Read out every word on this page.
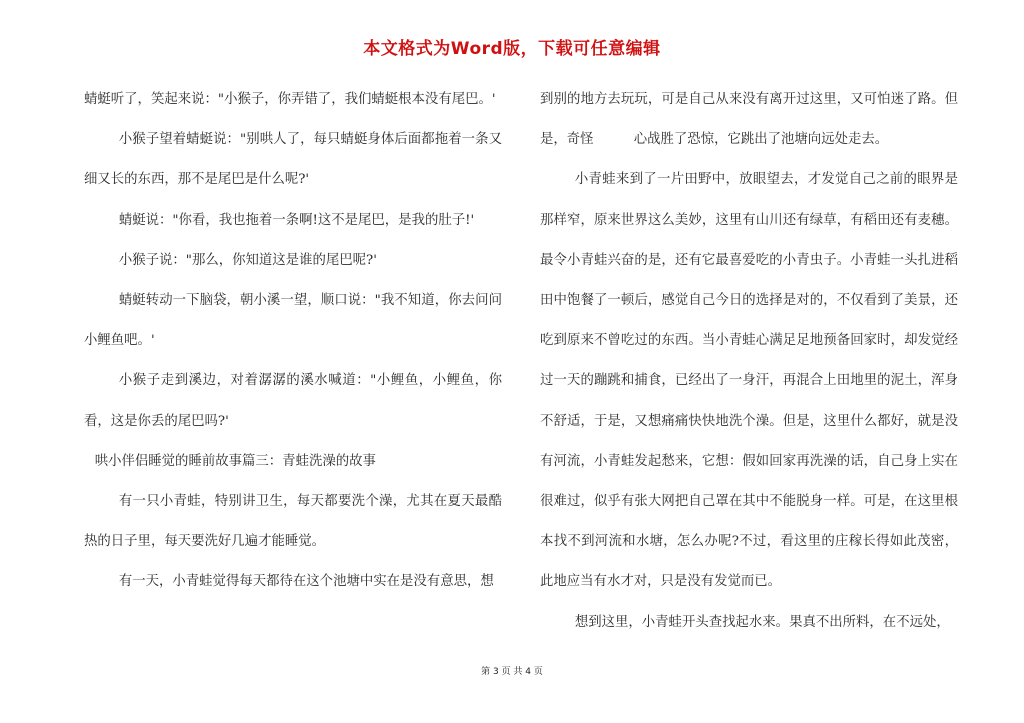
本文格式为Word版，下载可任意编辑

蜻蜓听了，笑起来说："小猴子，你弄错了，我们蜻蜓根本没有尾巴。'

小猴子望着蜻蜓说："别哄人了，每只蜻蜓身体后面都拖着一条又细又长的东西，那不是尾巴是什么呢?'

蜻蜓说："你看，我也拖着一条啊!这不是尾巴，是我的肚子!'

小猴子说："那么，你知道这是谁的尾巴呢?'

蜻蜓转动一下脑袋，朝小溪一望，顺口说："我不知道，你去问问小鲤鱼吧。'

小猴子走到溪边，对着潺潺的溪水喊道："小鲤鱼，小鲤鱼，你看，这是你丢的尾巴吗?'

哄小伴侣睡觉的睡前故事篇三：青蛙洗澡的故事

有一只小青蛙，特别讲卫生，每天都要洗个澡，尤其在夏天最酷热的日子里，每天要洗好几遍才能睡觉。

有一天，小青蛙觉得每天都待在这个池塘中实在是没有意思，想

到别的地方去玩玩，可是自己从来没有离开过这里，又可怕迷了路。但是，奇怪　　　心战胜了恐惊，它跳出了池塘向远处走去。

小青蛙来到了一片田野中，放眼望去，才发觉自己之前的眼界是那样窄，原来世界这么美妙，这里有山川还有绿草，有稻田还有麦穗。最令小青蛙兴奋的是，还有它最喜爱吃的小青虫子。小青蛙一头扎进稻田中饱餐了一顿后，感觉自己今日的选择是对的，不仅看到了美景，还吃到原来不曾吃过的东西。当小青蛙心满足足地预备回家时，却发觉经过一天的蹦跳和捕食，已经出了一身汗，再混合上田地里的泥土，浑身不舒适，于是，又想痛痛快快地洗个澡。但是，这里什么都好，就是没有河流，小青蛙发起愁来，它想：假如回家再洗澡的话，自己身上实在很难过，似乎有张大网把自己罩在其中不能脱身一样。可是，在这里根本找不到河流和水塘，怎么办呢?不过，看这里的庄稼长得如此茂密，此地应当有水才对，只是没有发觉而已。

想到这里，小青蛙开头查找起水来。果真不出所料，在不远处，

第 3 页 共 4 页
